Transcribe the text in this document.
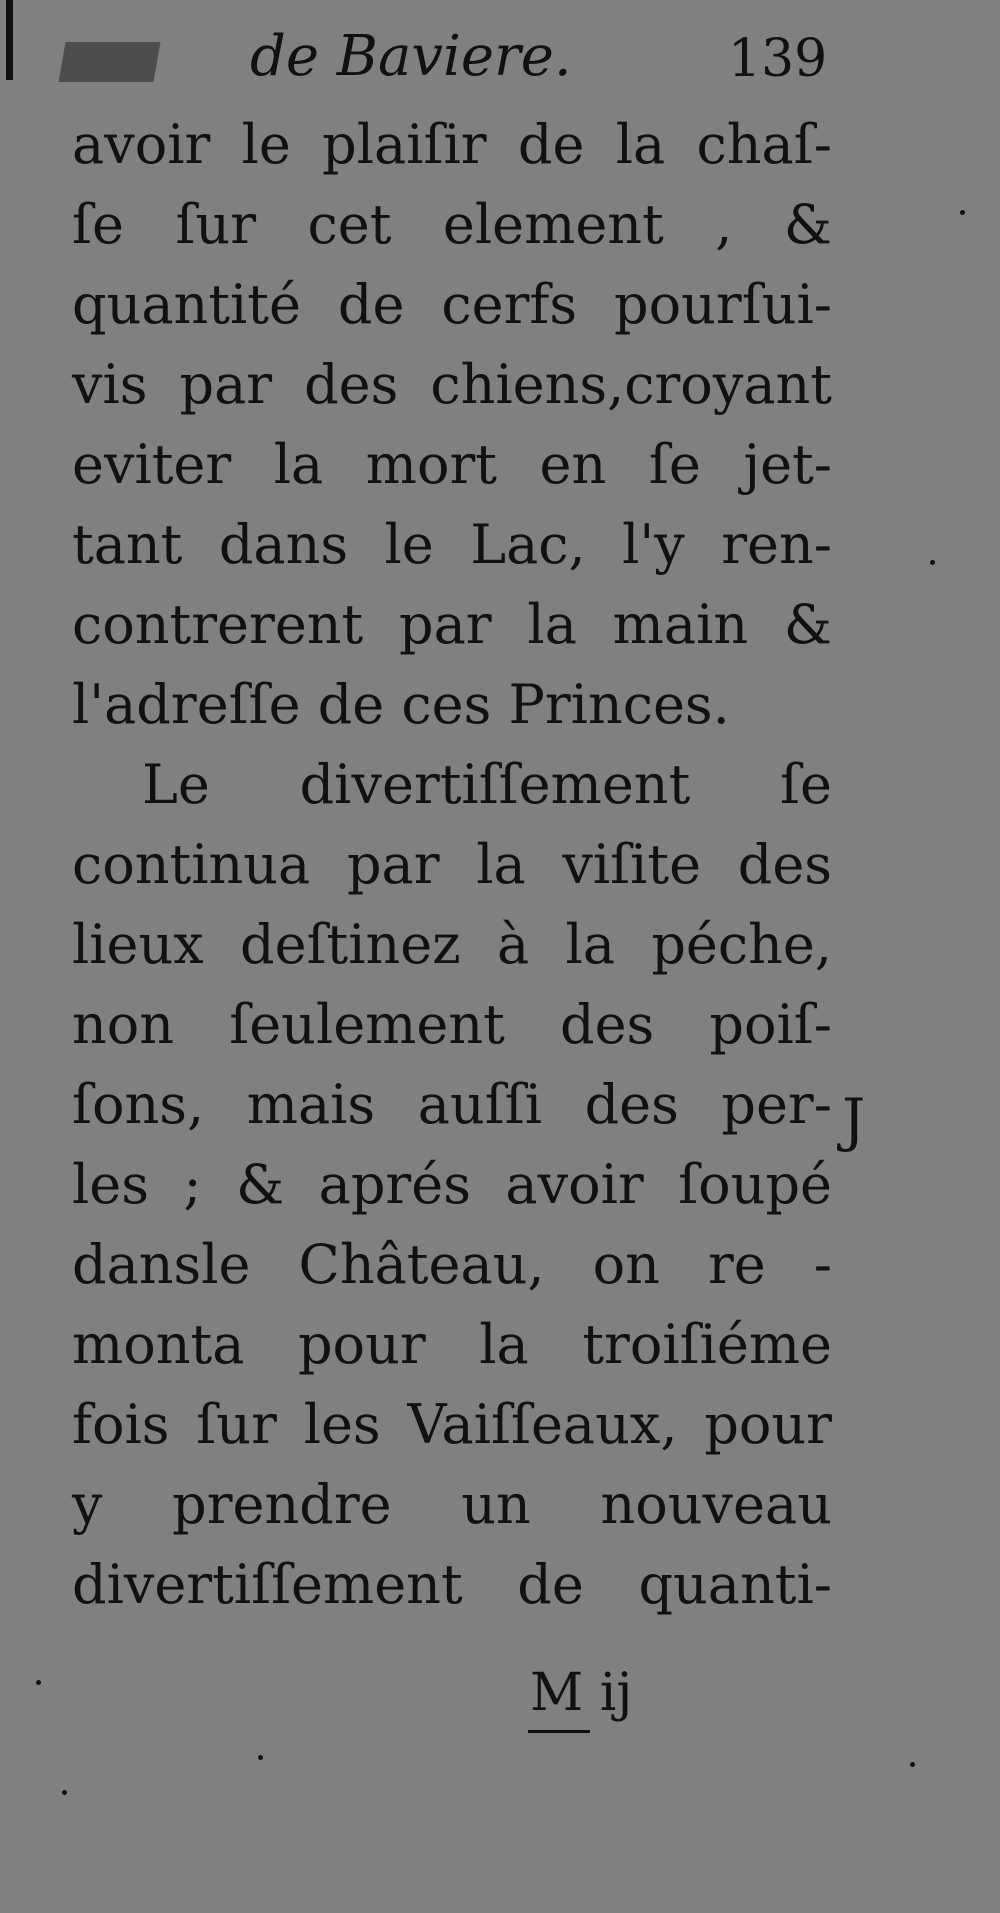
de Baviere.	139
avoir le plaiſir de la chaſ-
ſe ſur cet element , &
quantité de cerfs pourſui-
vis par des chiens,croyant
eviter la mort en ſe jet-
tant dans le Lac, l'y ren-
contrerent par la main &
l'adreſſe de ces Princes.
Le divertiſſement ſe
continua par la viſite des
lieux deſtinez à la péche,
non ſeulement des poiſ-
ſons, mais auſſi des per-
les ; & aprés avoir ſoupé
dansle Château, on re -
monta pour la troiſiéme
fois ſur les Vaiſſeaux, pour
y prendre un nouveau
divertiſſement de quanti-
J
M ij
